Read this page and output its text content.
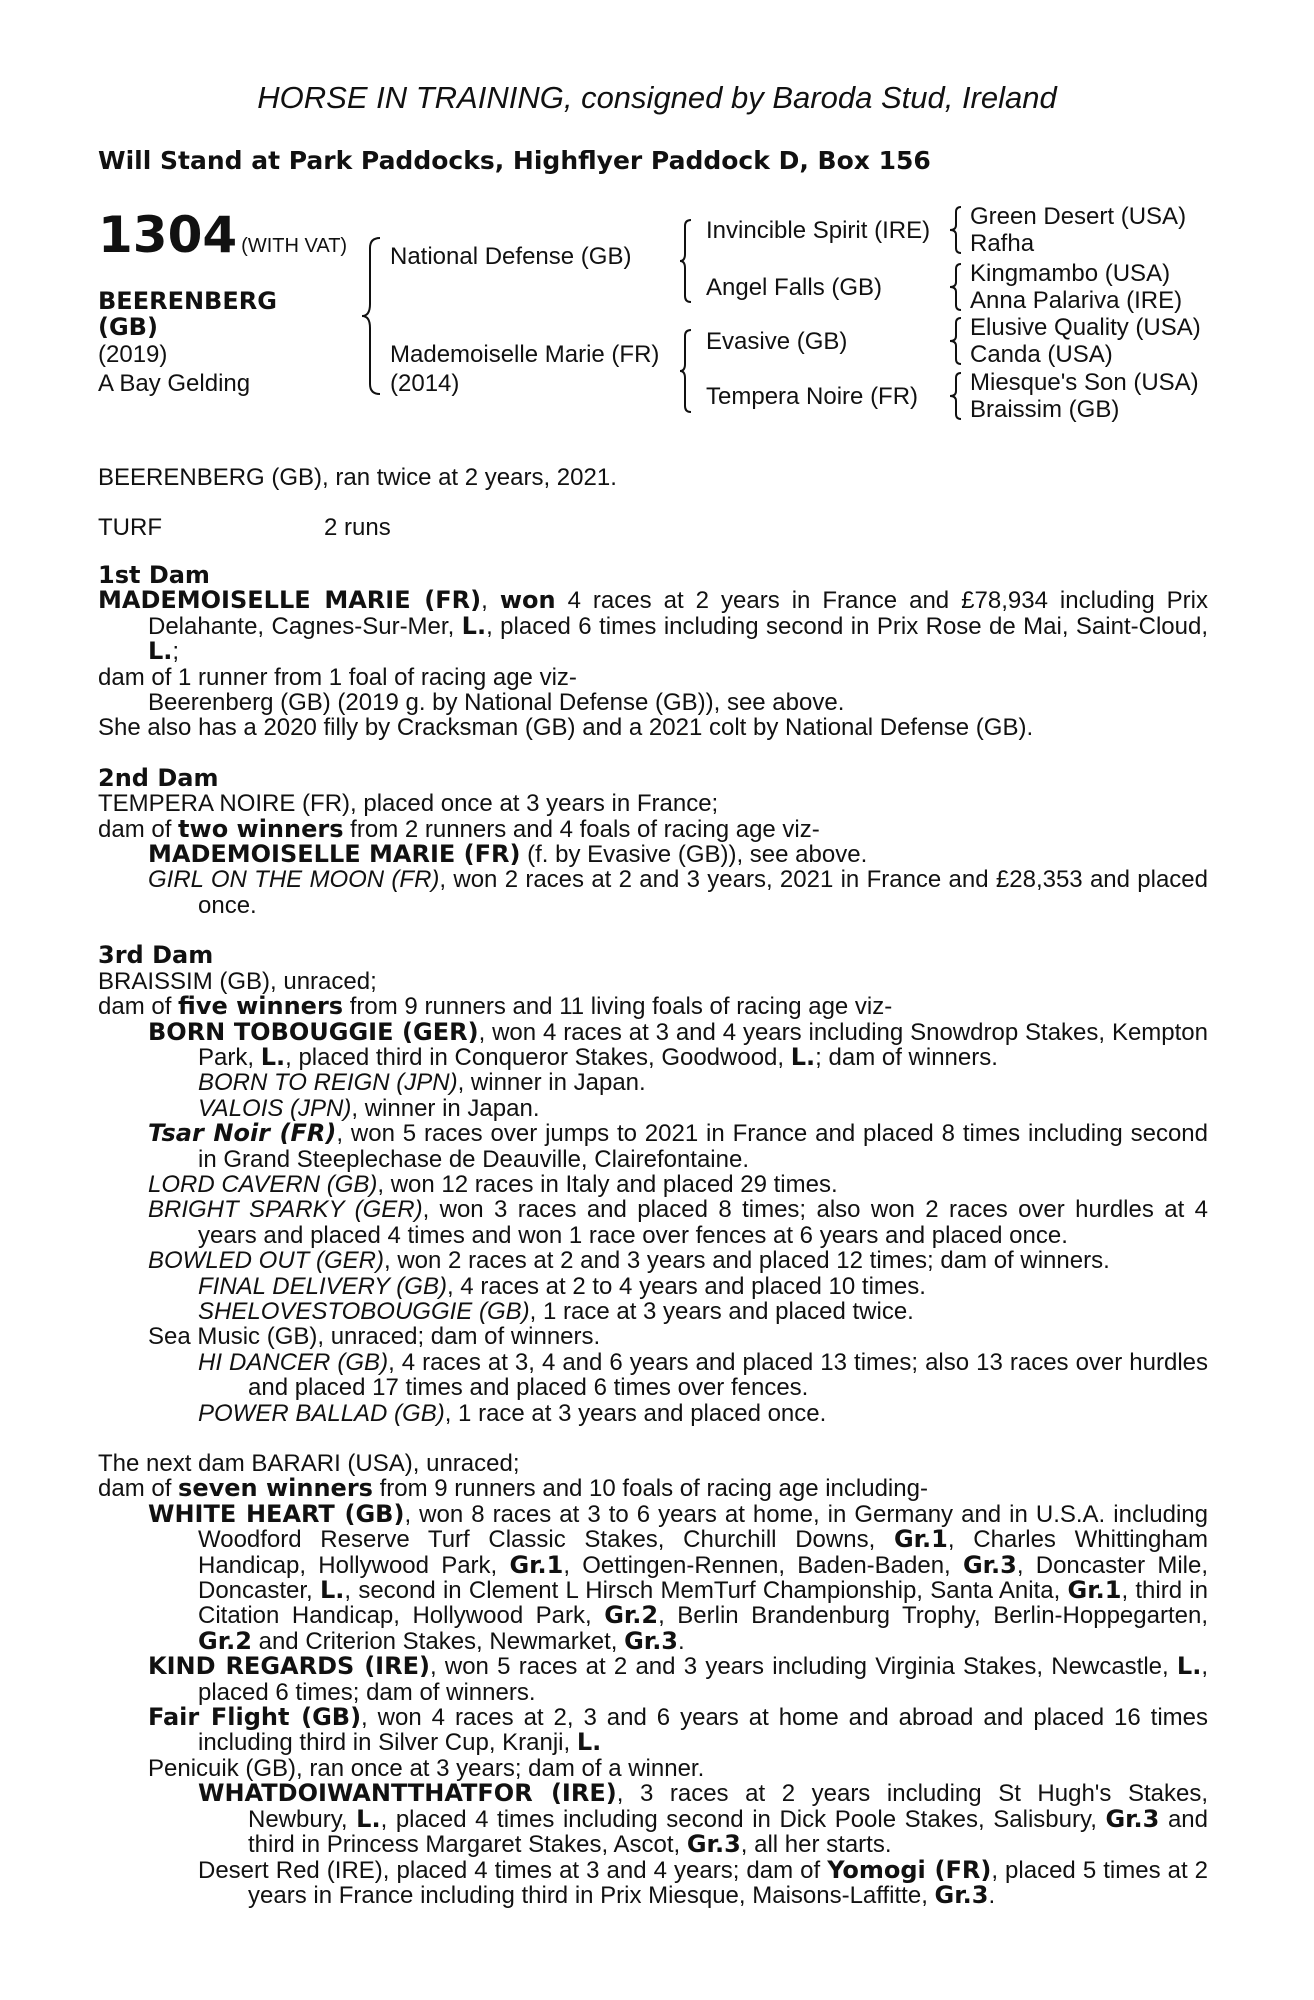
HORSE IN TRAINING, consigned by Baroda Stud, Ireland
Will Stand at Park Paddocks, Highflyer Paddock D, Box 156
1304 (WITH VAT)
BEERENBERG
(GB)
(2019)
A Bay Gelding
National Defense (GB)
Mademoiselle Marie (FR)
(2014)
Invincible Spirit (IRE)
Angel Falls (GB)
Evasive (GB)
Tempera Noire (FR)
Green Desert (USA)
Rafha
Kingmambo (USA)
Anna Palariva (IRE)
Elusive Quality (USA)
Canda (USA)
Miesque's Son (USA)
Braissim (GB)
BEERENBERG (GB), ran twice at 2 years, 2021.
TURF	2 runs

1st Dam

MADEMOISELLE MARIE (FR), won 4 races at 2 years in France and £78,934 including Prix Delahante, Cagnes-Sur-Mer, L., placed 6 times including second in Prix Rose de Mai, Saint-Cloud, L.;

dam of 1 runner from 1 foal of racing age viz-

Beerenberg (GB) (2019 g. by National Defense (GB)), see above.

She also has a 2020 filly by Cracksman (GB) and a 2021 colt by National Defense (GB).

2nd Dam

TEMPERA NOIRE (FR), placed once at 3 years in France;

dam of two winners from 2 runners and 4 foals of racing age viz-

MADEMOISELLE MARIE (FR) (f. by Evasive (GB)), see above.

GIRL ON THE MOON (FR), won 2 races at 2 and 3 years, 2021 in France and £28,353 and placed once.

3rd Dam

BRAISSIM (GB), unraced;

dam of five winners from 9 runners and 11 living foals of racing age viz-

BORN TOBOUGGIE (GER), won 4 races at 3 and 4 years including Snowdrop Stakes, Kempton Park, L., placed third in Conqueror Stakes, Goodwood, L.; dam of winners.

BORN TO REIGN (JPN), winner in Japan.

VALOIS (JPN), winner in Japan.

Tsar Noir (FR), won 5 races over jumps to 2021 in France and placed 8 times including second in Grand Steeplechase de Deauville, Clairefontaine.

LORD CAVERN (GB), won 12 races in Italy and placed 29 times.

BRIGHT SPARKY (GER), won 3 races and placed 8 times; also won 2 races over hurdles at 4 years and placed 4 times and won 1 race over fences at 6 years and placed once.

BOWLED OUT (GER), won 2 races at 2 and 3 years and placed 12 times; dam of winners.

FINAL DELIVERY (GB), 4 races at 2 to 4 years and placed 10 times.

SHELOVESTOBOUGGIE (GB), 1 race at 3 years and placed twice.

Sea Music (GB), unraced; dam of winners.

HI DANCER (GB), 4 races at 3, 4 and 6 years and placed 13 times; also 13 races over hurdles and placed 17 times and placed 6 times over fences.

POWER BALLAD (GB), 1 race at 3 years and placed once.

The next dam BARARI (USA), unraced;

dam of seven winners from 9 runners and 10 foals of racing age including-

WHITE HEART (GB), won 8 races at 3 to 6 years at home, in Germany and in U.S.A. including Woodford Reserve Turf Classic Stakes, Churchill Downs, Gr.1, Charles Whittingham Handicap, Hollywood Park, Gr.1, Oettingen-Rennen, Baden-Baden, Gr.3, Doncaster Mile, Doncaster, L., second in Clement L Hirsch MemTurf Championship, Santa Anita, Gr.1, third in Citation Handicap, Hollywood Park, Gr.2, Berlin Brandenburg Trophy, Berlin-Hoppegarten, Gr.2 and Criterion Stakes, Newmarket, Gr.3.

KIND REGARDS (IRE), won 5 races at 2 and 3 years including Virginia Stakes, Newcastle, L., placed 6 times; dam of winners.

Fair Flight (GB), won 4 races at 2, 3 and 6 years at home and abroad and placed 16 times including third in Silver Cup, Kranji, L.

Penicuik (GB), ran once at 3 years; dam of a winner.

WHATDOIWANTTHATFOR (IRE), 3 races at 2 years including St Hugh's Stakes, Newbury, L., placed 4 times including second in Dick Poole Stakes, Salisbury, Gr.3 and third in Princess Margaret Stakes, Ascot, Gr.3, all her starts.

Desert Red (IRE), placed 4 times at 3 and 4 years; dam of Yomogi (FR), placed 5 times at 2 years in France including third in Prix Miesque, Maisons-Laffitte, Gr.3.
